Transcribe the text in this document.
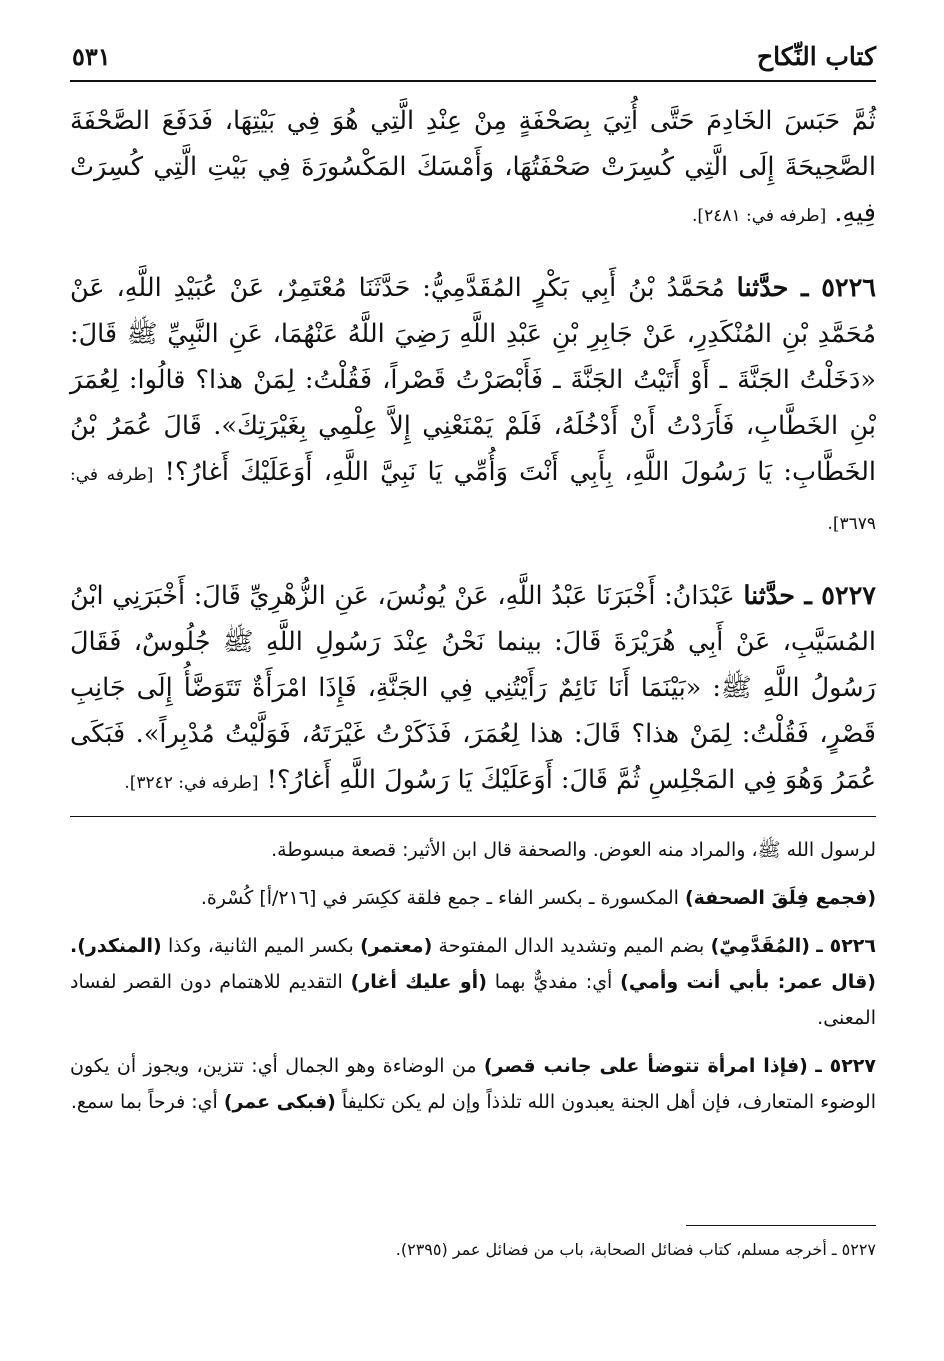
كتاب النِّكاح
٥٣١

ثُمَّ حَبَسَ الخَادِمَ حَتَّى أُتِيَ بِصَحْفَةٍ مِنْ عِنْدِ الَّتِي هُوَ فِي بَيْتِهَا، فَدَفَعَ الصَّحْفَةَ الصَّحِيحَةَ إِلَى الَّتِي كُسِرَتْ صَحْفَتُهَا، وَأَمْسَكَ المَكْسُورَةَ فِي بَيْتِ الَّتِي كُسِرَتْ فِيهِ. [طرفه في: ٢٤٨١].

٥٢٢٦ ـ حدَّثنا مُحَمَّدُ بْنُ أَبِي بَكْرٍ المُقَدَّمِيُّ: حَدَّثَنَا مُعْتَمِرٌ، عَنْ عُبَيْدِ اللَّهِ، عَنْ مُحَمَّدِ بْنِ المُنْكَدِرِ، عَنْ جَابِرِ بْنِ عَبْدِ اللَّهِ رَضِيَ اللَّهُ عَنْهُمَا، عَنِ النَّبِيِّ ﷺ قَالَ: «دَخَلْتُ الجَنَّةَ ـ أَوْ أَتَيْتُ الجَنَّةَ ـ فَأَبْصَرْتُ قَصْراً، فَقُلْتُ: لِمَنْ هذا؟ قالُوا: لِعُمَرَ بْنِ الخَطَّابِ، فَأَرَدْتُ أَنْ أَدْخُلَهُ، فَلَمْ يَمْنَعْنِي إِلاَّ عِلْمِي بِغَيْرَتِكَ». قَالَ عُمَرُ بْنُ الخَطَّابِ: يَا رَسُولَ اللَّهِ، بِأَبِي أَنْتَ وَأُمِّي يَا نَبِيَّ اللَّهِ، أَوَعَلَيْكَ أَغارُ؟! [طرفه في: ٣٦٧٩].

٥٢٢٧ ـ حدَّثنا عَبْدَانُ: أَخْبَرَنَا عَبْدُ اللَّهِ، عَنْ يُونُسَ، عَنِ الزُّهْرِيِّ قَالَ: أَخْبَرَنِي ابْنُ المُسَيَّبِ، عَنْ أَبِي هُرَيْرَةَ قَالَ: بينما نَحْنُ عِنْدَ رَسُولِ اللَّهِ ﷺ جُلُوسٌ، فَقَالَ رَسُولُ اللَّهِ ﷺ: «بَيْنَمَا أَنَا نَائِمٌ رَأَيْتُنِي فِي الجَنَّةِ، فَإِذَا امْرَأَةٌ تَتَوَضَّأُ إِلَى جَانِبِ قَصْرٍ، فَقُلْتُ: لِمَنْ هذا؟ قَالَ: هذا لِعُمَرَ، فَذَكَرْتُ غَيْرَتَهُ، فَوَلَّيْتُ مُدْبِراً». فَبَكَى عُمَرُ وَهُوَ فِي المَجْلِسِ ثُمَّ قَالَ: أَوَعَلَيْكَ يَا رَسُولَ اللَّهِ أَغارُ؟! [طرفه في: ٣٢٤٢].

لرسول الله ﷺ، والمراد منه العوض. والصحفة قال ابن الأثير: قصعة مبسوطة.

(فجمع فِلَقَ الصحفة) المكسورة ـ بكسر الفاء ـ جمع فلقة ككِسَر في [٢١٦/أ] كُسْرة.

٥٢٢٦ ـ (المُقَدَّمِيّ) بضم الميم وتشديد الدال المفتوحة (معتمر) بكسر الميم الثانية، وكذا (المنكدر). (قال عمر: بأبي أنت وأمي) أي: مفديٌّ بهما (أو عليك أغار) التقديم للاهتمام دون القصر لفساد المعنى.

٥٢٢٧ ـ (فإذا امرأة تتوضأ على جانب قصر) من الوضاءة وهو الجمال أي: تتزين، ويجوز أن يكون الوضوء المتعارف، فإن أهل الجنة يعبدون الله تلذذاً وإن لم يكن تكليفاً (فبكى عمر) أي: فرحاً بما سمع.

٥٢٢٧ ـ أخرجه مسلم، كتاب فضائل الصحابة، باب من فضائل عمر (٢٣٩٥).
